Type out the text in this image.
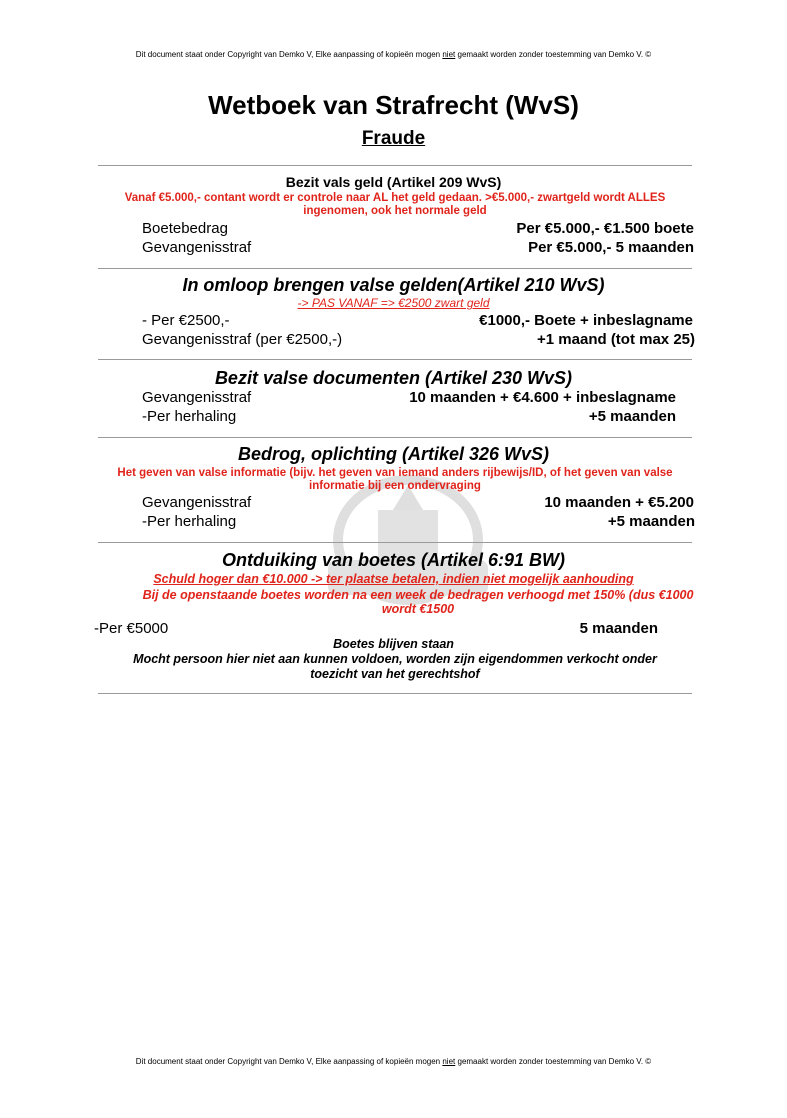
Dit document staat onder Copyright van Demko V, Elke aanpassing of kopieën mogen niet gemaakt worden zonder toestemming van Demko V. ©
Wetboek van Strafrecht (WvS)
Fraude
Bezit vals geld (Artikel 209 WvS)
Vanaf €5.000,- contant wordt er controle naar AL het geld gedaan. >€5.000,- zwartgeld wordt ALLES ingenomen, ook het normale geld
Boetebedrag	Per €5.000,- €1.500 boete
Gevangenisstraf	Per €5.000,- 5 maanden
In omloop brengen valse gelden(Artikel 210 WvS)
-> PAS VANAF => €2500 zwart geld
- Per €2500,-	€1000,- Boete + inbeslagname
Gevangenisstraf (per €2500,-)	+1 maand (tot max 25)
Bezit valse documenten (Artikel 230 WvS)
Gevangenisstraf	10 maanden + €4.600 + inbeslagname
-Per herhaling	+5 maanden
Bedrog, oplichting (Artikel 326 WvS)
Het geven van valse informatie (bijv. het geven van iemand anders rijbewijs/ID, of het geven van valse informatie bij een ondervraging
Gevangenisstraf	10 maanden + €5.200
-Per herhaling	+5 maanden
Ontduiking van boetes (Artikel 6:91 BW)
Schuld hoger dan €10.000 -> ter plaatse betalen, indien niet mogelijk aanhouding
Bij de openstaande boetes worden na een week de bedragen verhoogd met 150% (dus €1000 wordt €1500
-Per €5000	5 maanden
Boetes blijven staan
Mocht persoon hier niet aan kunnen voldoen, worden zijn eigendommen verkocht onder toezicht van het gerechtshof
Dit document staat onder Copyright van Demko V, Elke aanpassing of kopieën mogen niet gemaakt worden zonder toestemming van Demko V. ©
